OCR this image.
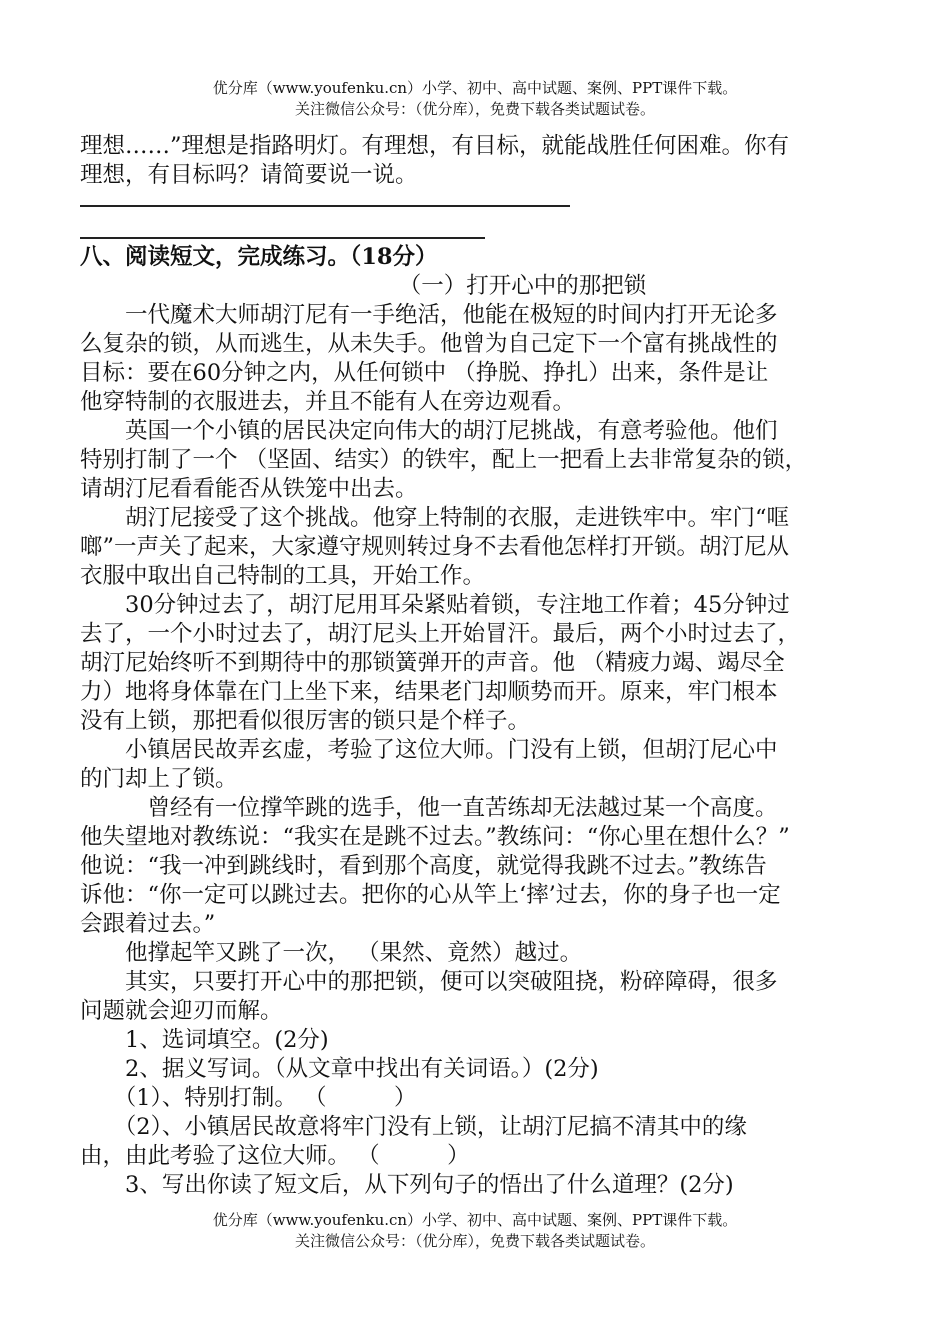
优分库（www.youfenku.cn）小学、初中、高中试题、案例、PPT课件下载。
关注微信公众号：（优分库），免费下载各类试题试卷。
理想……”理想是指路明灯。有理想，有目标，就能战胜任何困难。你有
理想，有目标吗？请简要说一说。
八、阅读短文，完成练习。（18分）
（一）打开心中的那把锁
　　一代魔术大师胡汀尼有一手绝活，他能在极短的时间内打开无论多
么复杂的锁，从而逃生，从未失手。他曾为自己定下一个富有挑战性的
目标：要在60分钟之内，从任何锁中 （挣脱、挣扎）出来，条件是让
他穿特制的衣服进去，并且不能有人在旁边观看。
　　英国一个小镇的居民决定向伟大的胡汀尼挑战，有意考验他。他们
特别打制了一个 （坚固、结实）的铁牢，配上一把看上去非常复杂的锁，
请胡汀尼看看能否从铁笼中出去。
　　胡汀尼接受了这个挑战。他穿上特制的衣服，走进铁牢中。牢门“哐
啷”一声关了起来，大家遵守规则转过身不去看他怎样打开锁。胡汀尼从
衣服中取出自己特制的工具，开始工作。
　　30分钟过去了，胡汀尼用耳朵紧贴着锁，专注地工作着；45分钟过
去了，一个小时过去了，胡汀尼头上开始冒汗。最后，两个小时过去了，
胡汀尼始终听不到期待中的那锁簧弹开的声音。他 （精疲力竭、竭尽全
力）地将身体靠在门上坐下来，结果老门却顺势而开。原来，牢门根本
没有上锁，那把看似很厉害的锁只是个样子。
　　小镇居民故弄玄虚，考验了这位大师。门没有上锁，但胡汀尼心中
的门却上了锁。
　　　曾经有一位撑竿跳的选手，他一直苦练却无法越过某一个高度。
他失望地对教练说：“我实在是跳不过去。”教练问：“你心里在想什么？”
他说：“我一冲到跳线时，看到那个高度，就觉得我跳不过去。”教练告
诉他：“你一定可以跳过去。把你的心从竿上‘摔’过去，你的身子也一定
会跟着过去。”
　　他撑起竿又跳了一次， （果然、竟然）越过。
　　其实，只要打开心中的那把锁，便可以突破阻挠，粉碎障碍，很多
问题就会迎刃而解。
　　1、选词填空。(2分)
　　2、据义写词。（从文章中找出有关词语。）(2分)
　　（1）、特别打制。 （　　　）
　　（2）、小镇居民故意将牢门没有上锁，让胡汀尼搞不清其中的缘
由，由此考验了这位大师。 （　　　）
　　3、写出你读了短文后，从下列句子的悟出了什么道理？(2分)
优分库（www.youfenku.cn）小学、初中、高中试题、案例、PPT课件下载。
关注微信公众号：（优分库），免费下载各类试题试卷。
